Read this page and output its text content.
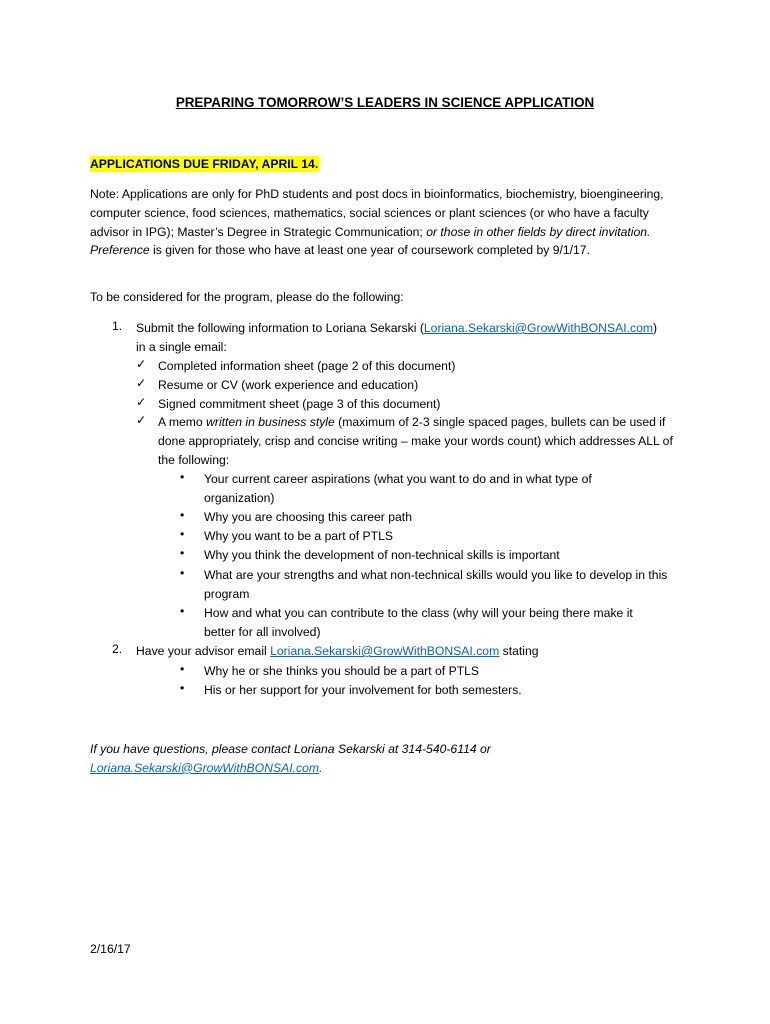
PREPARING TOMORROW’S LEADERS IN SCIENCE APPLICATION
APPLICATIONS DUE FRIDAY, APRIL 14.
Note: Applications are only for PhD students and post docs in bioinformatics, biochemistry, bioengineering, computer science, food sciences, mathematics, social sciences or plant sciences (or who have a faculty advisor in IPG); Master’s Degree in Strategic Communication; or those in other fields by direct invitation. Preference is given for those who have at least one year of coursework completed by 9/1/17.
To be considered for the program, please do the following:
1. Submit the following information to Loriana Sekarski (Loriana.Sekarski@GrowWithBONSAI.com)
in a single email:
✓ Completed information sheet (page 2 of this document)
✓ Resume or CV (work experience and education)
✓ Signed commitment sheet (page 3 of this document)
✓ A memo written in business style (maximum of 2-3 single spaced pages, bullets can be used if done appropriately, crisp and concise writing – make your words count) which addresses ALL of the following:
• Your current career aspirations (what you want to do and in what type of organization)
• Why you are choosing this career path
• Why you want to be a part of PTLS
• Why you think the development of non-technical skills is important
• What are your strengths and what non-technical skills would you like to develop in this program
• How and what you can contribute to the class (why will your being there make it better for all involved)
2. Have your advisor email Loriana.Sekarski@GrowWithBONSAI.com stating
• Why he or she thinks you should be a part of PTLS
• His or her support for your involvement for both semesters.
If you have questions, please contact Loriana Sekarski at 314-540-6114 or
Loriana.Sekarski@GrowWithBONSAI.com.
2/16/17
